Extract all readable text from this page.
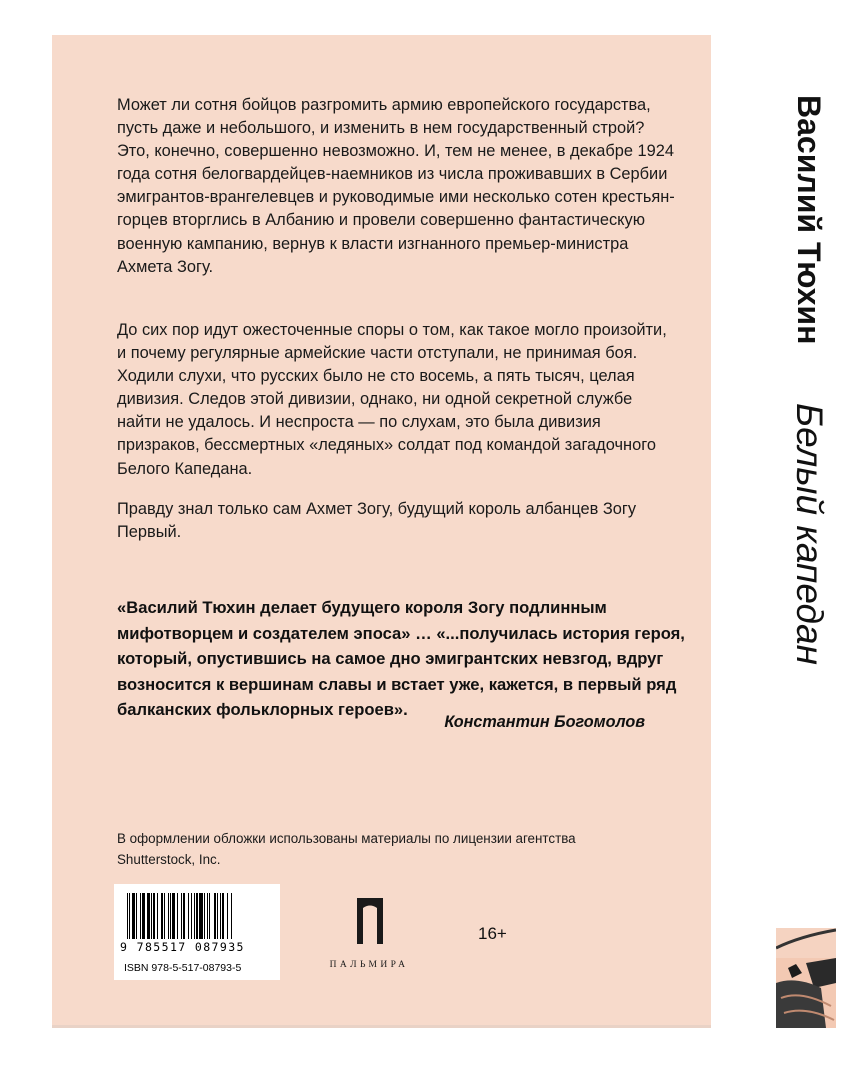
Может ли сотня бойцов разгромить армию европейского государства, пусть даже и небольшого, и изменить в нем государственный строй? Это, конечно, совершенно невозможно. И, тем не менее, в декабре 1924 года сотня белогвардейцев-наемников из числа проживавших в Сербии эмигрантов-врангелевцев и руководимые ими несколько сотен крестьян-горцев вторглись в Албанию и провели совершенно фантастическую военную кампанию, вернув к власти изгнанного премьер-министра Ахмета Зогу.

До сих пор идут ожесточенные споры о том, как такое могло произойти, и почему регулярные армейские части отступали, не принимая боя. Ходили слухи, что русских было не сто восемь, а пять тысяч, целая дивизия. Следов этой дивизии, однако, ни одной секретной службе найти не удалось. И неспроста — по слухам, это была дивизия призраков, бессмертных «ледяных» солдат под командой загадочного Белого Капедана.

Правду знал только сам Ахмет Зогу, будущий король албанцев Зогу Первый.

«Василий Тюхин делает будущего короля Зогу подлинным мифотворцем и создателем эпоса» … «...получилась история героя, который, опустившись на самое дно эмигрантских невзгод, вдруг возносится к вершинам славы и встает уже, кажется, в первый ряд балканских фольклорных героев».

Константин Богомолов

В оформлении обложки использованы материалы по лицензии агентства Shutterstock, Inc.

9 785517 087935
ISBN 978-5-517-08793-5	ПАЛЬМИРА

16+

Василий Тюхин

Белый капедан
